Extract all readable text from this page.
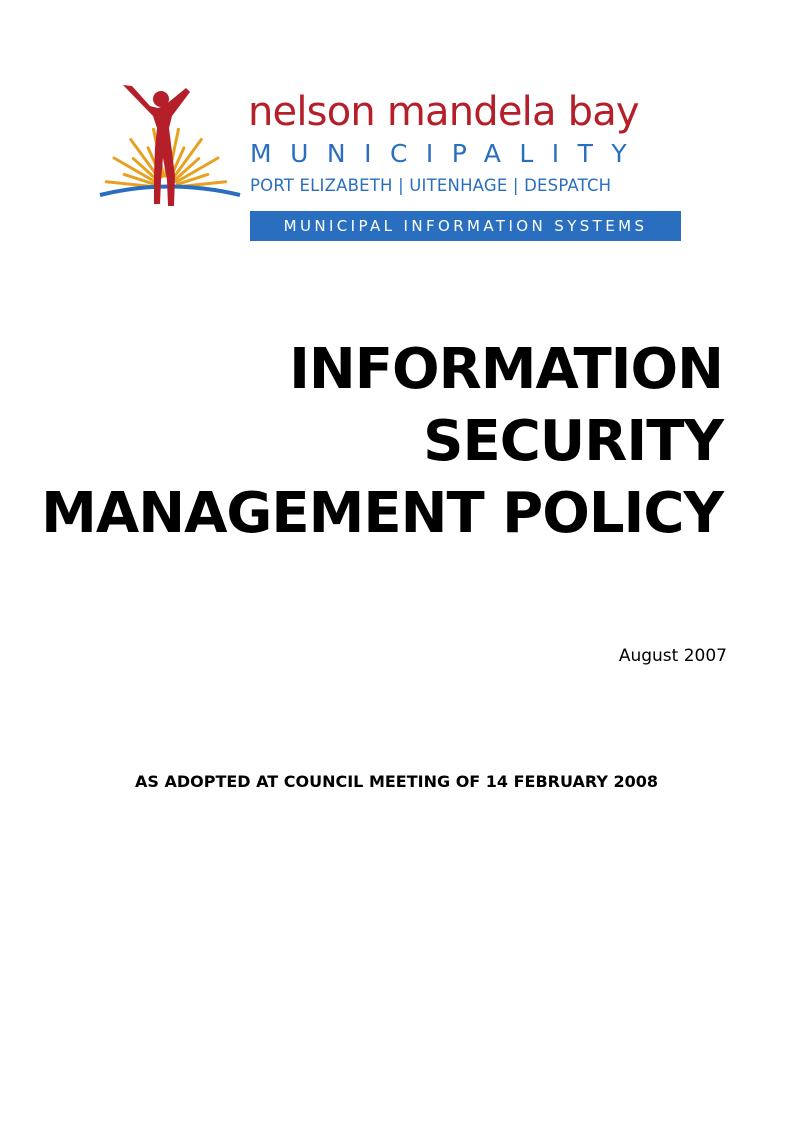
nelson mandela bay
MUNICIPALITY
PORT ELIZABETH | UITENHAGE | DESPATCH
MUNICIPAL INFORMATION SYSTEMS
INFORMATION
SECURITY
MANAGEMENT POLICY
August 2007
AS ADOPTED AT COUNCIL MEETING OF 14 FEBRUARY 2008
